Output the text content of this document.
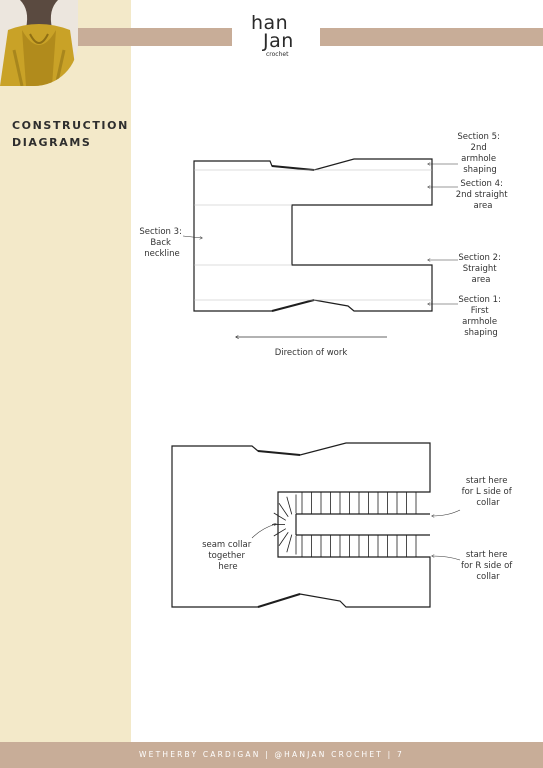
han
Jan
crochet
CONSTRUCTION
DIAGRAMS	Section 5: 2nd armhole shaping
Section 4: 2nd straight area
Section 3: Back neckline	Section 2: Straight area
Section 1: First armhole shaping
Direction of work
seam collar together here
start here for L side of collar
start here for R side of collar
WETHERBY CARDIGAN | @HANJAN CROCHET | 7
